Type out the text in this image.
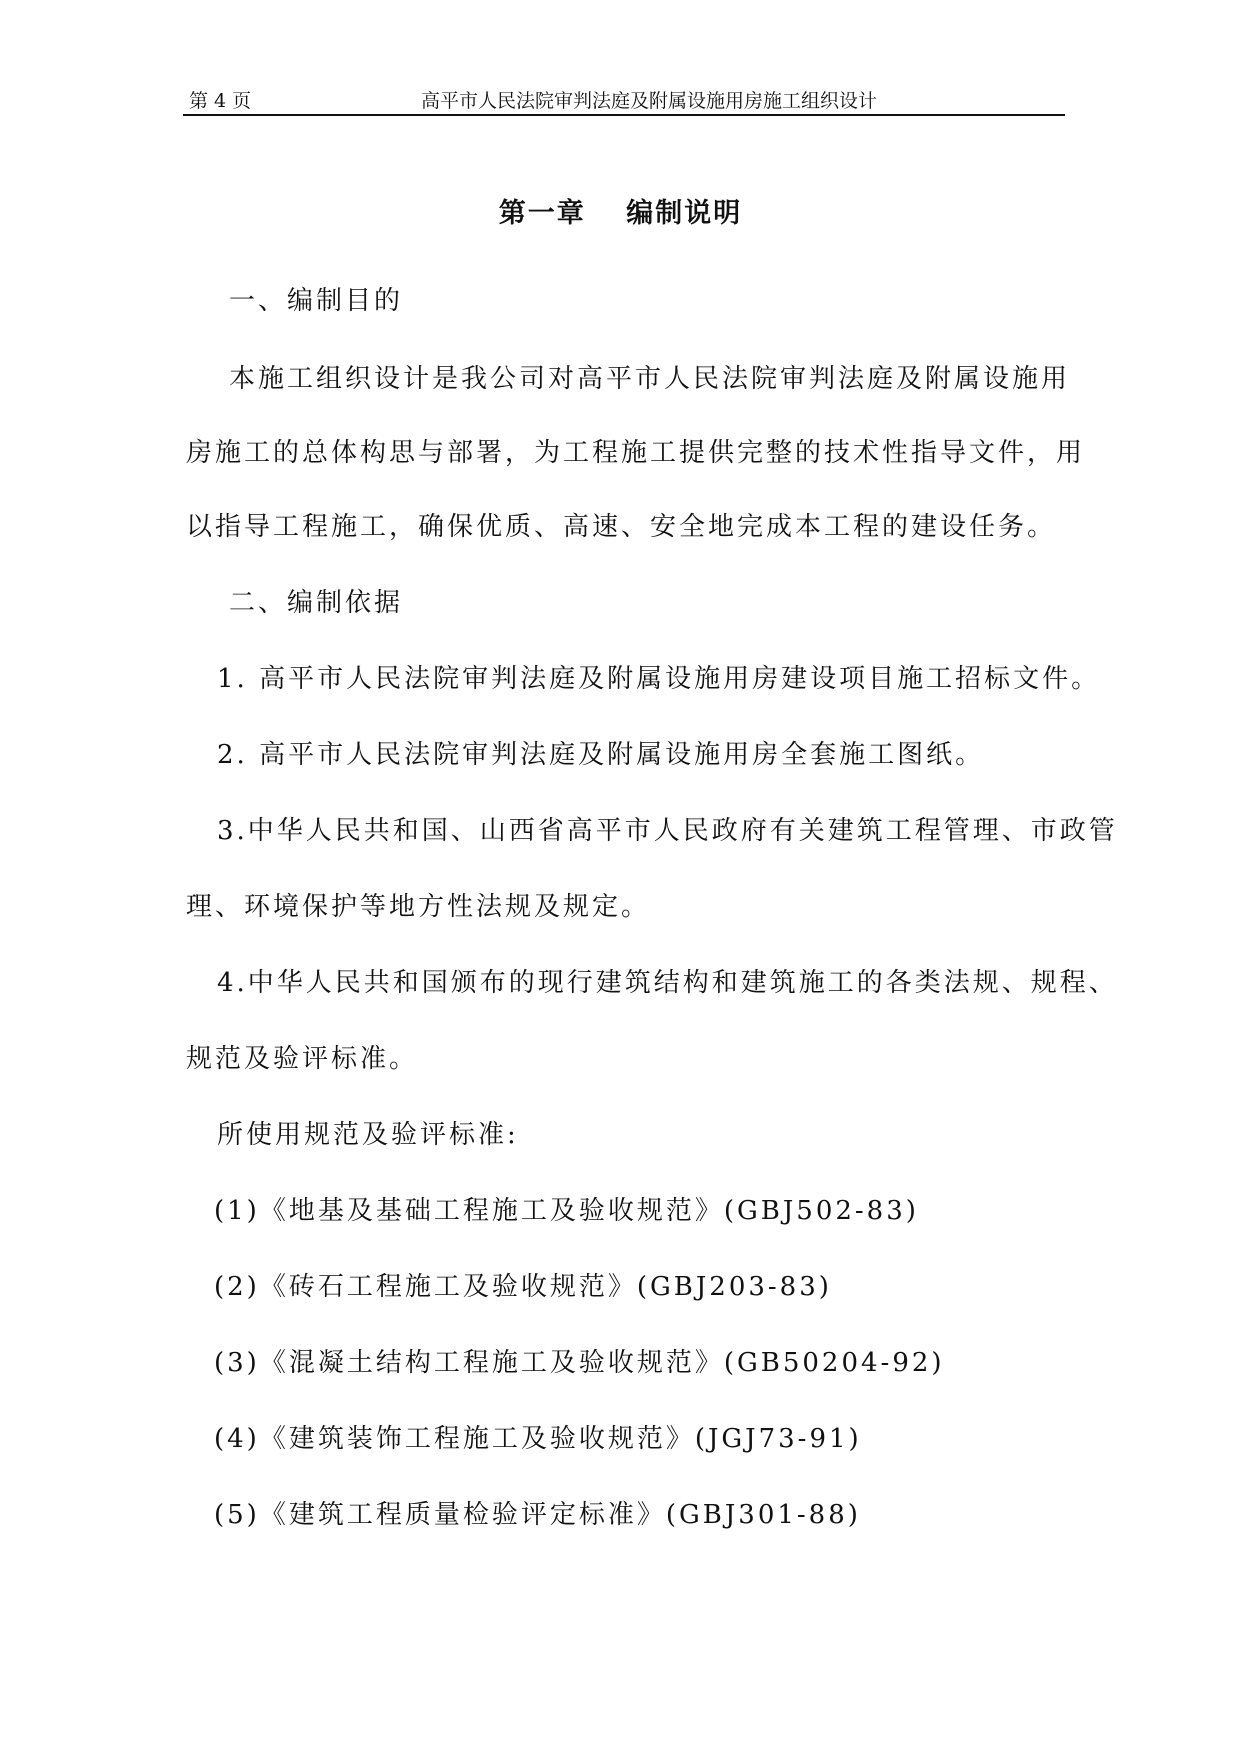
第 4 页	高平市人民法院审判法庭及附属设施用房施工组织设计
第一章　 编制说明
一、编制目的
本施工组织设计是我公司对高平市人民法院审判法庭及附属设施用
房施工的总体构思与部署，为工程施工提供完整的技术性指导文件，用
以指导工程施工，确保优质、高速、安全地完成本工程的建设任务。
二、编制依据
1. 高平市人民法院审判法庭及附属设施用房建设项目施工招标文件。
2. 高平市人民法院审判法庭及附属设施用房全套施工图纸。
3.中华人民共和国、山西省高平市人民政府有关建筑工程管理、市政管
理、环境保护等地方性法规及规定。
4.中华人民共和国颁布的现行建筑结构和建筑施工的各类法规、规程、
规范及验评标准。
所使用规范及验评标准:
(1)《地基及基础工程施工及验收规范》(GBJ502-83)
(2)《砖石工程施工及验收规范》(GBJ203-83)
(3)《混凝土结构工程施工及验收规范》(GB50204-92)
(4)《建筑装饰工程施工及验收规范》(JGJ73-91)
(5)《建筑工程质量检验评定标准》(GBJ301-88)
